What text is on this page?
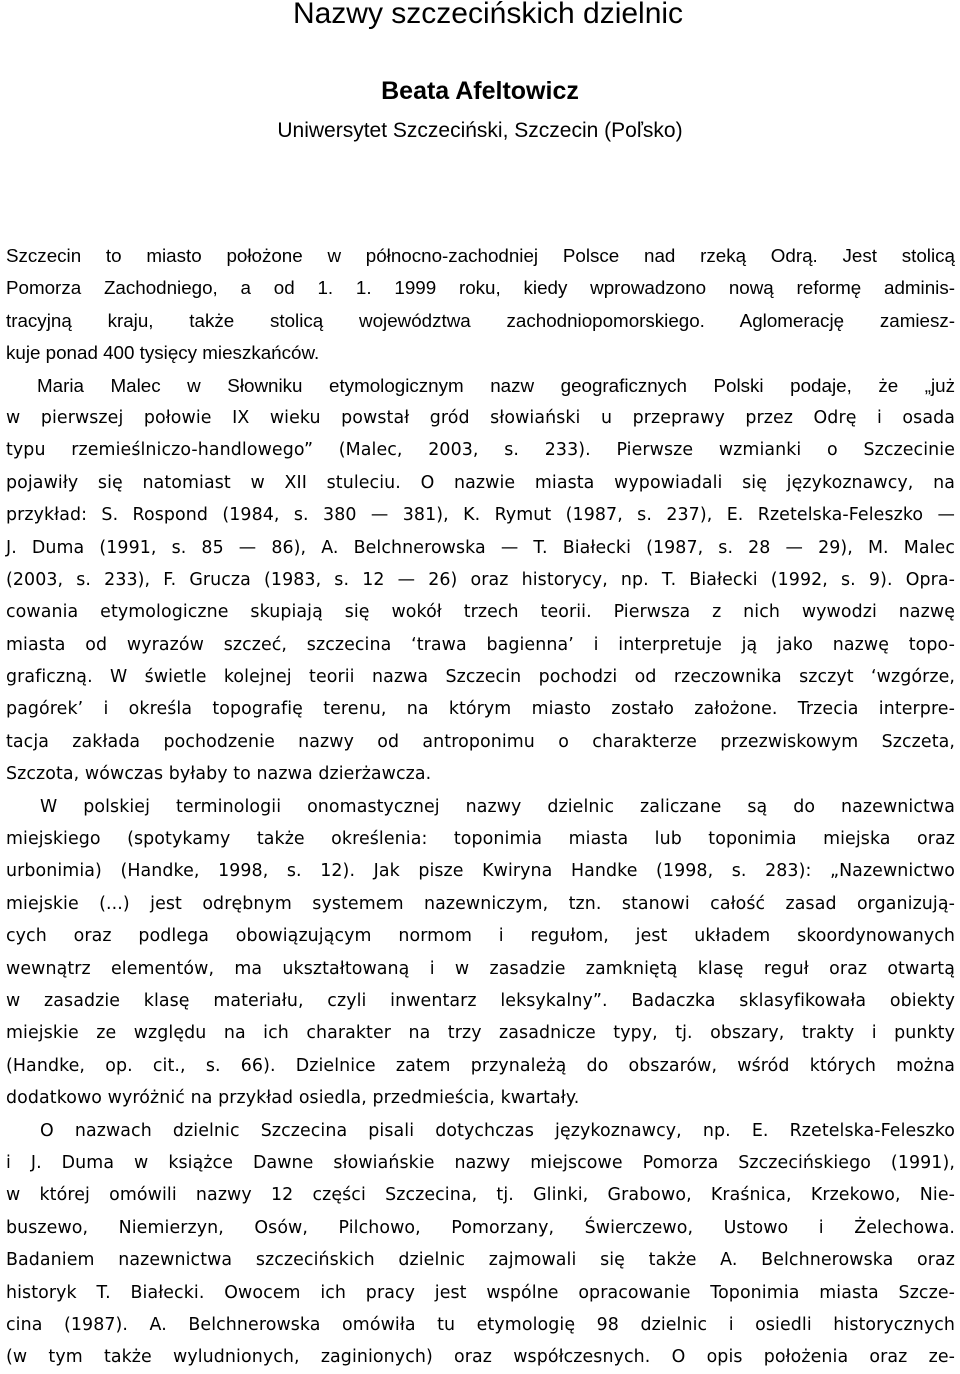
Nazwy szczecińskich dzielnic
Beata Afeltowicz

Uniwersytet Szczeciński, Szczecin (Poľsko)

Szczecin to miasto położone w północno-zachodniej Polsce nad rzeką Odrą. Jest stolicą
Pomorza Zachodniego, a od 1. 1. 1999 roku, kiedy wprowadzono nową reformę adminis-
tracyjną kraju, także stolicą województwa zachodniopomorskiego. Aglomerację zamiesz-
kuje ponad 400 tysięcy mieszkańców.
Maria Malec w Słowniku etymologicznym nazw geograficznych Polski podaje, że „już
w pierwszej połowie IX wieku powstał gród słowiański u przeprawy przez Odrę i osada
typu rzemieślniczo-handlowego” (Malec, 2003, s. 233). Pierwsze wzmianki o Szczecinie
pojawiły się natomiast w XII stuleciu. O nazwie miasta wypowiadali się językoznawcy, na
przykład: S. Rospond (1984, s. 380 — 381), K. Rymut (1987, s. 237), E. Rzetelska-Feleszko —
J. Duma (1991, s. 85 — 86), A. Belchnerowska — T. Białecki (1987, s. 28 — 29), M. Malec
(2003, s. 233), F. Grucza (1983, s. 12 — 26) oraz historycy, np. T. Białecki (1992, s. 9). Opra-
cowania etymologiczne skupiają się wokół trzech teorii. Pierwsza z nich wywodzi nazwę
miasta od wyrazów szczeć, szczecina ‘trawa bagienna’ i interpretuje ją jako nazwę topo-
graficzną. W świetle kolejnej teorii nazwa Szczecin pochodzi od rzeczownika szczyt ‘wzgórze,
pagórek’ i określa topografię terenu, na którym miasto zostało założone. Trzecia interpre-
tacja zakłada pochodzenie nazwy od antroponimu o charakterze przezwiskowym Szczeta,
Szczota, wówczas byłaby to nazwa dzierżawcza.
W polskiej terminologii onomastycznej nazwy dzielnic zaliczane są do nazewnictwa
miejskiego (spotykamy także określenia: toponimia miasta lub toponimia miejska oraz
urbonimia) (Handke, 1998, s. 12). Jak pisze Kwiryna Handke (1998, s. 283): „Nazewnictwo
miejskie (...) jest odrębnym systemem nazewniczym, tzn. stanowi całość zasad organizują-
cych oraz podlega obowiązującym normom i regułom, jest układem skoordynowanych
wewnątrz elementów, ma ukształtowaną i w zasadzie zamkniętą klasę reguł oraz otwartą
w zasadzie klasę materiału, czyli inwentarz leksykalny”. Badaczka sklasyfikowała obiekty
miejskie ze względu na ich charakter na trzy zasadnicze typy, tj. obszary, trakty i punkty
(Handke, op. cit., s. 66). Dzielnice zatem przynależą do obszarów, wśród których można
dodatkowo wyróżnić na przykład osiedla, przedmieścia, kwartały.
O nazwach dzielnic Szczecina pisali dotychczas językoznawcy, np. E. Rzetelska-Feleszko
i J. Duma w książce Dawne słowiańskie nazwy miejscowe Pomorza Szczecińskiego (1991),
w której omówili nazwy 12 części Szczecina, tj. Glinki, Grabowo, Kraśnica, Krzekowo, Nie-
buszewo, Niemierzyn, Osów, Pilchowo, Pomorzany, Świerczewo, Ustowo i Żelechowa.
Badaniem nazewnictwa szczecińskich dzielnic zajmowali się także A. Belchnerowska oraz
historyk T. Białecki. Owocem ich pracy jest wspólne opracowanie Toponimia miasta Szcze-
cina (1987). A. Belchnerowska omówiła tu etymologię 98 dzielnic i osiedli historycznych
(w tym także wyludnionych, zaginionych) oraz współczesnych. O opis położenia oraz ze-
